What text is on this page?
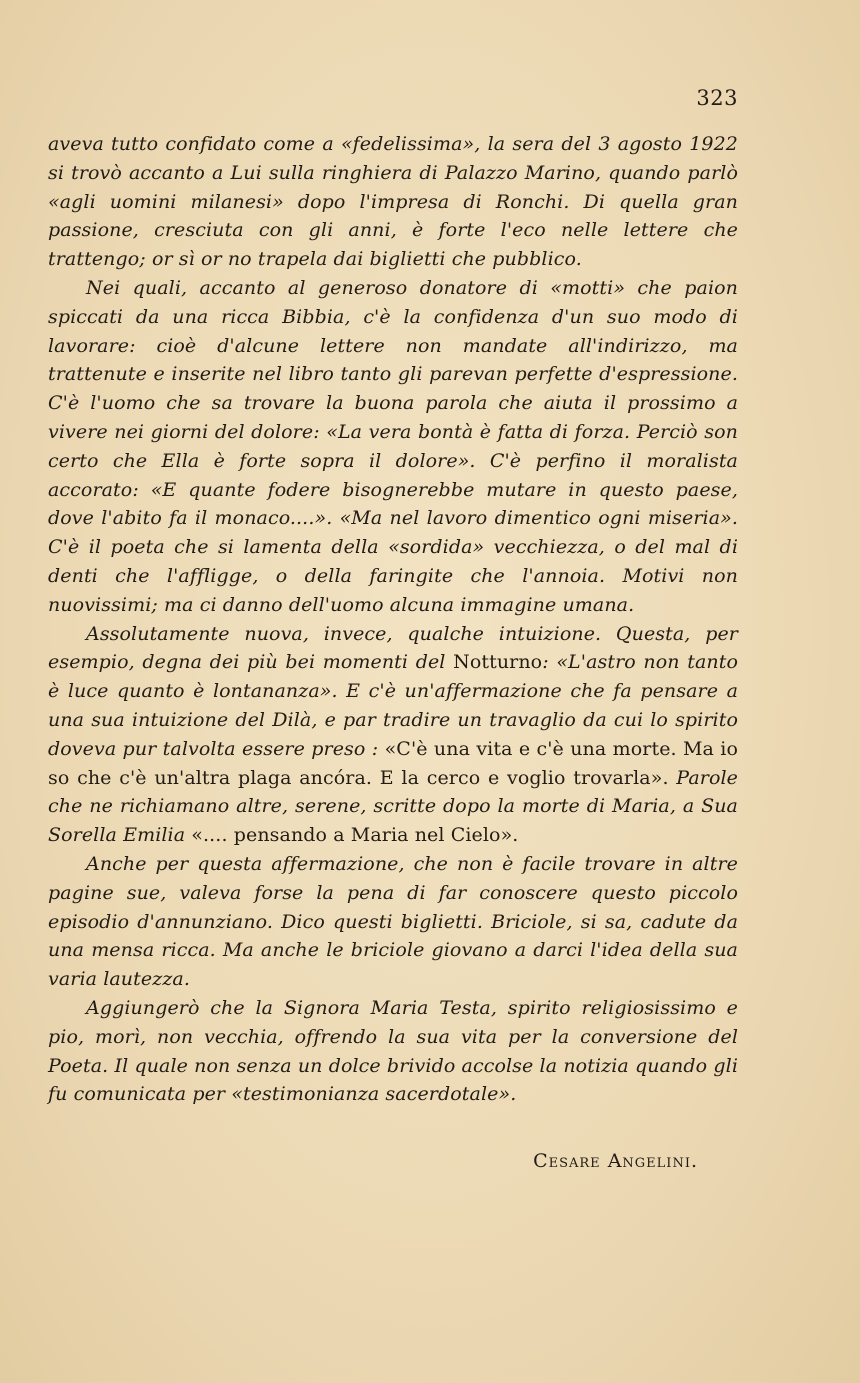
323

aveva tutto confidato come a «fedelissima», la sera del 3 agosto 1922 si trovò accanto a Lui sulla ringhiera di Palazzo Marino, quando parlò «agli uomini milanesi» dopo l'impresa di Ronchi. Di quella gran passione, cresciuta con gli anni, è forte l'eco nelle lettere che trattengo; or sì or no trapela dai biglietti che pubblico.

Nei quali, accanto al generoso donatore di «motti» che paion spiccati da una ricca Bibbia, c'è la confidenza d'un suo modo di lavorare: cioè d'alcune lettere non mandate all'indirizzo, ma trattenute e inserite nel libro tanto gli parevan perfette d'espressione. C'è l'uomo che sa trovare la buona parola che aiuta il prossimo a vivere nei giorni del dolore: «La vera bontà è fatta di forza. Perciò son certo che Ella è forte sopra il dolore». C'è perfino il moralista accorato: «E quante fodere bisognerebbe mutare in questo paese, dove l'abito fa il monaco....». «Ma nel lavoro dimentico ogni miseria». C'è il poeta che si lamenta della «sordida» vecchiezza, o del mal di denti che l'affligge, o della faringite che l'annoia. Motivi non nuovissimi; ma ci danno dell'uomo alcuna immagine umana.

Assolutamente nuova, invece, qualche intuizione. Questa, per esempio, degna dei più bei momenti del Notturno: «L'astro non tanto è luce quanto è lontananza». E c'è un'affermazione che fa pensare a una sua intuizione del Dilà, e par tradire un travaglio da cui lo spirito doveva pur talvolta essere preso : «C'è una vita e c'è una morte. Ma io so che c'è un'altra plaga ancóra. E la cerco e voglio trovarla». Parole che ne richiamano altre, serene, scritte dopo la morte di Maria, a Sua Sorella Emilia «.... pensando a Maria nel Cielo».

Anche per questa affermazione, che non è facile trovare in altre pagine sue, valeva forse la pena di far conoscere questo piccolo episodio d'annunziano. Dico questi biglietti. Briciole, si sa, cadute da una mensa ricca. Ma anche le briciole giovano a darci l'idea della sua varia lautezza.

Aggiungerò che la Signora Maria Testa, spirito religiosissimo e pio, morì, non vecchia, offrendo la sua vita per la conversione del Poeta. Il quale non senza un dolce brivido accolse la notizia quando gli fu comunicata per «testimonianza sacerdotale».

Cesare Angelini.
